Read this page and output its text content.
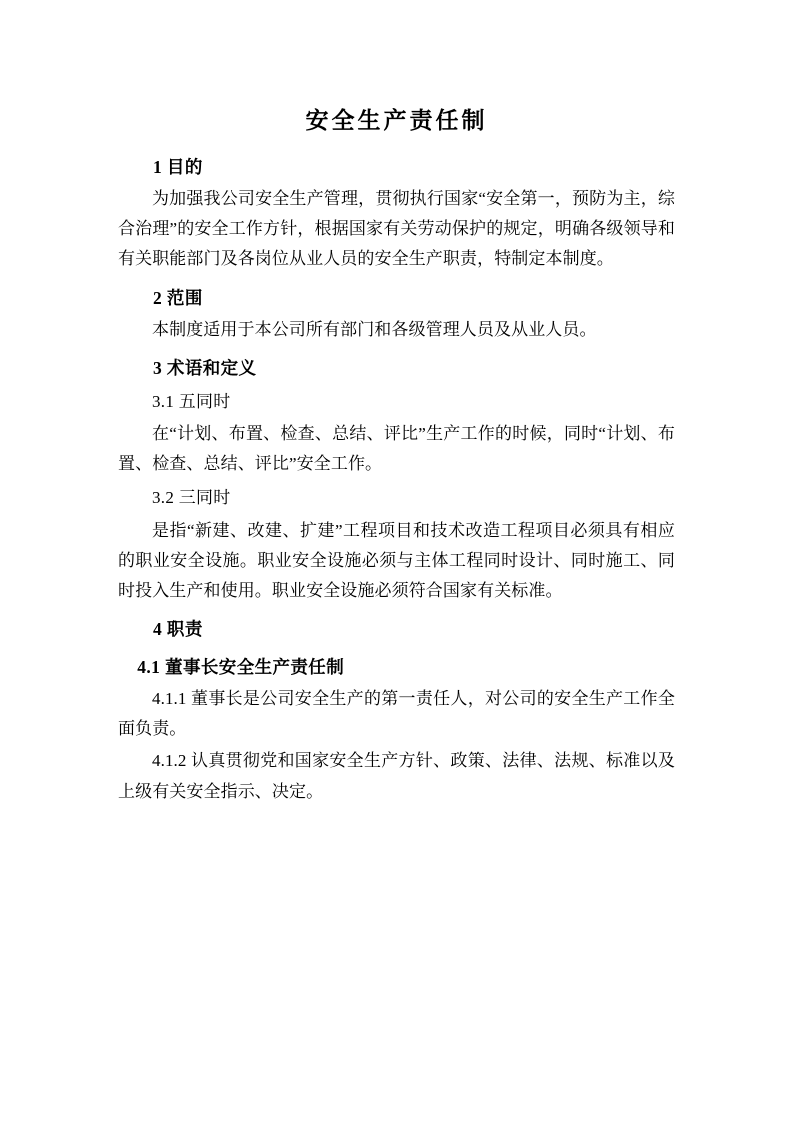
安全生产责任制
1 目的

为加强我公司安全生产管理，贯彻执行国家“安全第一，预防为主，综合治理”的安全工作方针，根据国家有关劳动保护的规定，明确各级领导和有关职能部门及各岗位从业人员的安全生产职责，特制定本制度。

2 范围

本制度适用于本公司所有部门和各级管理人员及从业人员。

3 术语和定义
3.1 五同时

在“计划、布置、检查、总结、评比”生产工作的时候，同时“计划、布置、检查、总结、评比”安全工作。

3.2 三同时

是指“新建、改建、扩建”工程项目和技术改造工程项目必须具有相应的职业安全设施。职业安全设施必须与主体工程同时设计、同时施工、同时投入生产和使用。职业安全设施必须符合国家有关标准。

4 职责
4.1 董事长安全生产责任制

4.1.1 董事长是公司安全生产的第一责任人，对公司的安全生产工作全面负责。

4.1.2 认真贯彻党和国家安全生产方针、政策、法律、法规、标准以及上级有关安全指示、决定。
